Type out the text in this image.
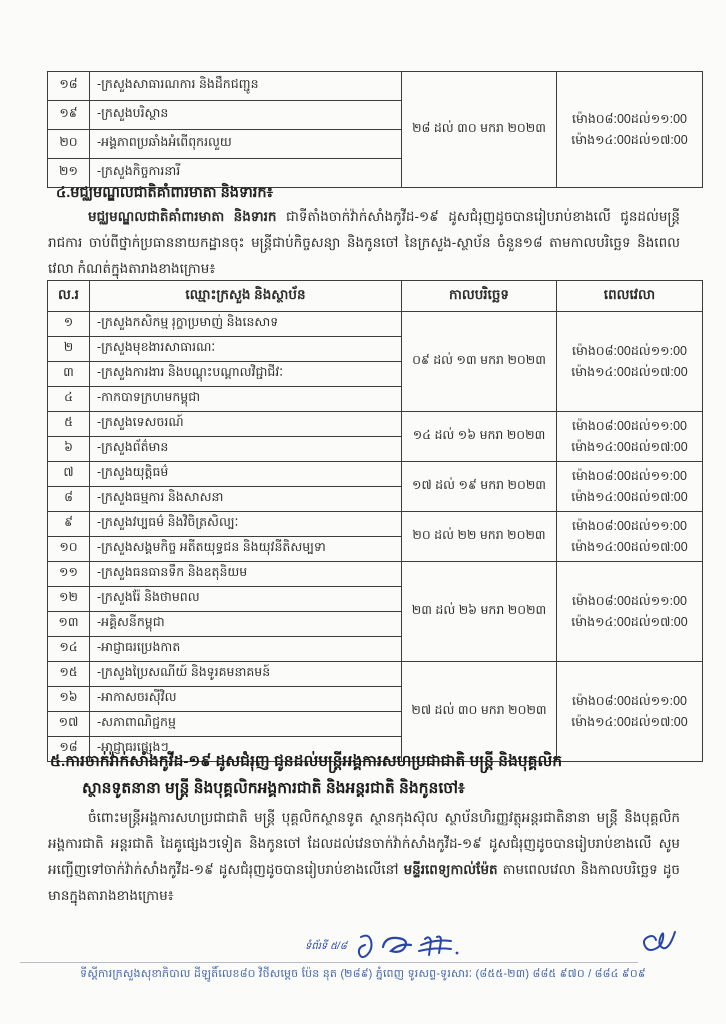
១៨	-ក្រសួងសាធារណការ និងដឹកជញ្ជូន	២៨ ដល់ ៣០ មករា ២០២៣	ម៉ោង០៨:00ដល់១១:00
ម៉ោង១៤:00ដល់១៧:00

១៩	-ក្រសួងបរិស្ថាន		
២០	-អង្គភាពប្រឆាំងអំពើពុករលួយ		
២១	-ក្រសួងកិច្ចការនារី		
៤.មជ្ឈមណ្ឌលជាតិគាំពារមាតា និងទារក៖
មជ្ឈមណ្ឌលជាតិគាំពារមាតា និងទារក ជាទីតាំងចាក់វ៉ាក់សាំងកូវីដ-១៩ ដូសជំរុញដូចបានរៀបរាប់ខាងលើ ជូនដល់មន្ត្រីរាជការ ចាប់ពីថ្នាក់ប្រធាននាយកដ្ឋានចុះ មន្ត្រីជាប់កិច្ចសន្យា និងកូនចៅ នៃក្រសួង-ស្ថាប័ន ចំនួន១៨ តាមកាលបរិច្ឆេទ និងពេលវេលា កំណត់ក្នុងតារាងខាងក្រោម៖
ល.រ	ឈ្មោះក្រសួង និងស្ថាប័ន	កាលបរិច្ឆេទ	ពេលវេលា
១	-ក្រសួងកសិកម្ម រុក្ខាប្រមាញ់ និងនេសាទ	០៩ ដល់ ១៣ មករា ២០២៣	ម៉ោង០៨:00ដល់១១:00
ម៉ោង១៤:00ដល់១៧:00

២	-ក្រសួងមុខងារសាធារណៈ		
៣	-ក្រសួងការងារ និងបណ្តុះបណ្តាលវិជ្ជាជីវៈ		
៤	-កាកបាទក្រហមកម្ពុជា		
៥	-ក្រសួងទេសចរណ៍	១៤ ដល់ ១៦ មករា ២០២៣	ម៉ោង០៨:00ដល់១១:00
ម៉ោង១៤:00ដល់១៧:00

៦	-ក្រសួងព័ត៌មាន		
៧	-ក្រសួងយុត្តិធម៌	១៧ ដល់ ១៩ មករា ២០២៣	ម៉ោង០៨:00ដល់១១:00
ម៉ោង១៤:00ដល់១៧:00

៨	-ក្រសួងធម្មការ និងសាសនា		
៩	-ក្រសួងវប្បធម៌ និងវិចិត្រសិល្បៈ	២០ ដល់ ២២ មករា ២០២៣	ម៉ោង០៨:00ដល់១១:00
ម៉ោង១៤:00ដល់១៧:00

១០	-ក្រសួងសង្គមកិច្ច អតីតយុទ្ធជន និងយុវនីតិសម្បទា		
១១	-ក្រសួងធនធានទឹក និងឧតុនិយម	២៣ ដល់ ២៦ មករា ២០២៣	ម៉ោង០៨:00ដល់១១:00
ម៉ោង១៤:00ដល់១៧:00

១២	-ក្រសួងរ៉ែ និងថាមពល		
១៣	-អគ្គិសនីកម្ពុជា		
១៤	-អាជ្ញាធរប្រេងកាត		
១៥	-ក្រសួងប្រៃសណីយ៍ និងទូរគមនាគមន៍	២៧ ដល់ ៣០ មករា ២០២៣	ម៉ោង០៨:00ដល់១១:00
ម៉ោង១៤:00ដល់១៧:00

១៦	-អាកាសចរស៊ីវិល		
១៧	-សភាពាណិជ្ជកម្ម		
១៨	-អាជ្ញាធរផ្សេងៗ		
៥.ការចាក់វ៉ាក់សាំងកូវីដ-១៩ ដូសជំរុញ ជូនដល់មន្ត្រីអង្គការសហប្រជាជាតិ មន្ត្រី និងបុគ្គលិក
ស្ថានទូតនានា មន្ត្រី និងបុគ្គលិកអង្គការជាតិ និងអន្តរជាតិ និងកូនចៅ៖
ចំពោះមន្ត្រីអង្គការសហប្រជាជាតិ មន្ត្រី បុគ្គលិកស្ថានទូត ស្ថានកុងស៊ុល ស្ថាប័នហិរញ្ញវត្ថុអន្តរជាតិនានា មន្ត្រី និងបុគ្គលិកអង្គការជាតិ អន្តរជាតិ ដៃគូផ្សេងៗទៀត និងកូនចៅ ដែលដល់វេនចាក់វ៉ាក់សាំងកូវីដ-១៩ ដូសជំរុញដូចបានរៀបរាប់ខាងលើ សូមអញ្ជើញទៅចាក់វ៉ាក់សាំងកូវីដ-១៩ ដូសជំរុញដូចបានរៀបរាប់ខាងលើនៅ មន្ទីរពេទ្យកាល់ម៉ែត តាមពេលវេលា និងកាលបរិច្ឆេទ ដូចមានក្នុងតារាងខាងក្រោម៖
ទំព័រទី ៥/៨
ទីស្តីការក្រសួងសុខាភិបាល ដីឡូតិ៍លេខ៨០ វិថីសម្តេច ប៉ែន នុត (២៨៩) ភ្នំពេញ ទូរសព្ទ-ទូរសារៈ (៨៥៥-២៣) ៨៨៥ ៩៧០ / ៨៨៤ ៩០៩
